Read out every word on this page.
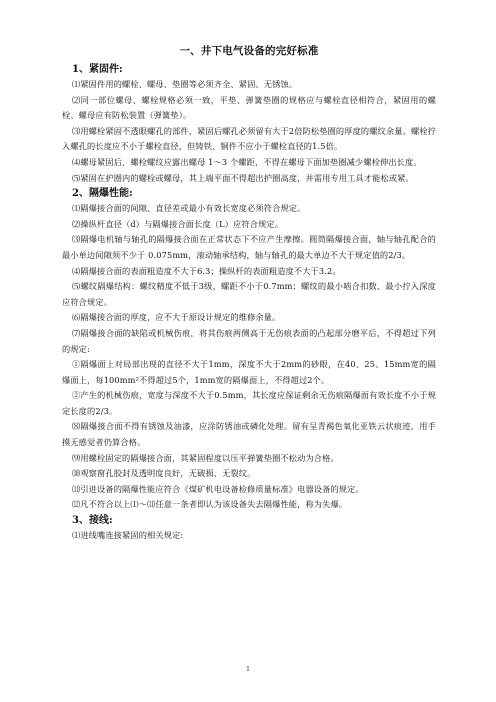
一、井下电气设备的完好标准
1、紧固件:

⑴紧固件用的螺栓、螺母、垫圈等必须齐全、紧固、无锈蚀。

⑵同一部位螺母、螺栓规格必须一致，平垫、弹簧垫圈的规格应与螺栓直径相符合，紧固用的螺栓、螺母应有防松装置（弹簧垫）。

⑶用螺栓紧固不透眼螺孔的部件，紧固后螺孔必须留有大于2倍防松垫圈的厚度的螺纹余量。螺栓拧入螺孔的长度应不小于螺栓直径，但铸铁、铜件不应小于螺栓直径的1.5倍。

⑷螺母紧固后，螺栓螺纹应露出螺母 1～3 个螺距，不得在螺母下面加垫圈减少螺栓伸出长度。

⑸紧固在护圈内的螺栓或螺母，其上端平面不得超出护圈高度，并需用专用工具才能松或紧。

2、隔爆性能:

⑴隔爆接合面的间隙、直径差或最小有效长宽度必须符合规定。

⑵操纵杆直径（d）与隔爆接合面长度（L）应符合规定。

⑶隔爆电机轴与轴孔的隔爆接合面在正常状态下不应产生摩擦。圆筒隔爆接合面，轴与轴孔配合的最小单边间隙须不少于 0.075mm，滚动轴承结构，轴与轴孔的最大单边不大于规定值的2/3。

⑷隔爆接合面的表面粗造度不大于6.3；操纵杆的表面粗造度不大于3.2。

⑸螺纹隔爆结构：螺纹精度不低于3级，螺距不小于0.7mm；螺纹的最小啮合扣数、最小拧入深度应符合规定。

⑹隔爆接合面的厚度，应不大于原设计规定的维修余量。

⑺隔爆接合面的缺陷或机械伤痕，将其伤痕两侧高于无伤痕表面的凸起部分磨平后，不得超过下列的规定:

①隔爆面上对局部出现的直径不大于1mm，深度不大于2mm的砂眼，在40、25、15mm宽的隔爆面上，每100mm²不得超过5个，1mm宽的隔爆面上，不得超过2个。

②产生的机械伤痕，宽度与深度不大于0.5mm，其长度应保证剩余无伤痕隔爆面有效长度不小于规定长度的2/3。

⑻隔爆接合面不得有锈蚀及油漆，应涂防锈油或磷化处理。留有呈青褐色氧化亚铁云状痕迹，用手摸无感觉者仍算合格。

⑼用螺栓固定的隔爆接合面，其紧固程度以压平弹簧垫圈不松动为合格。

⑽观察窗孔胶封及透明度良好，无破损、无裂纹。

⑾引进设备的隔爆性能应符合《煤矿机电设备检修质量标准》电器设备的规定。

⑿凡不符合以上⑴～⑾任意一条者即认为该设备失去隔爆性能，称为失爆。

3、接线:

⑴进线嘴连接紧固的相关规定:

1
